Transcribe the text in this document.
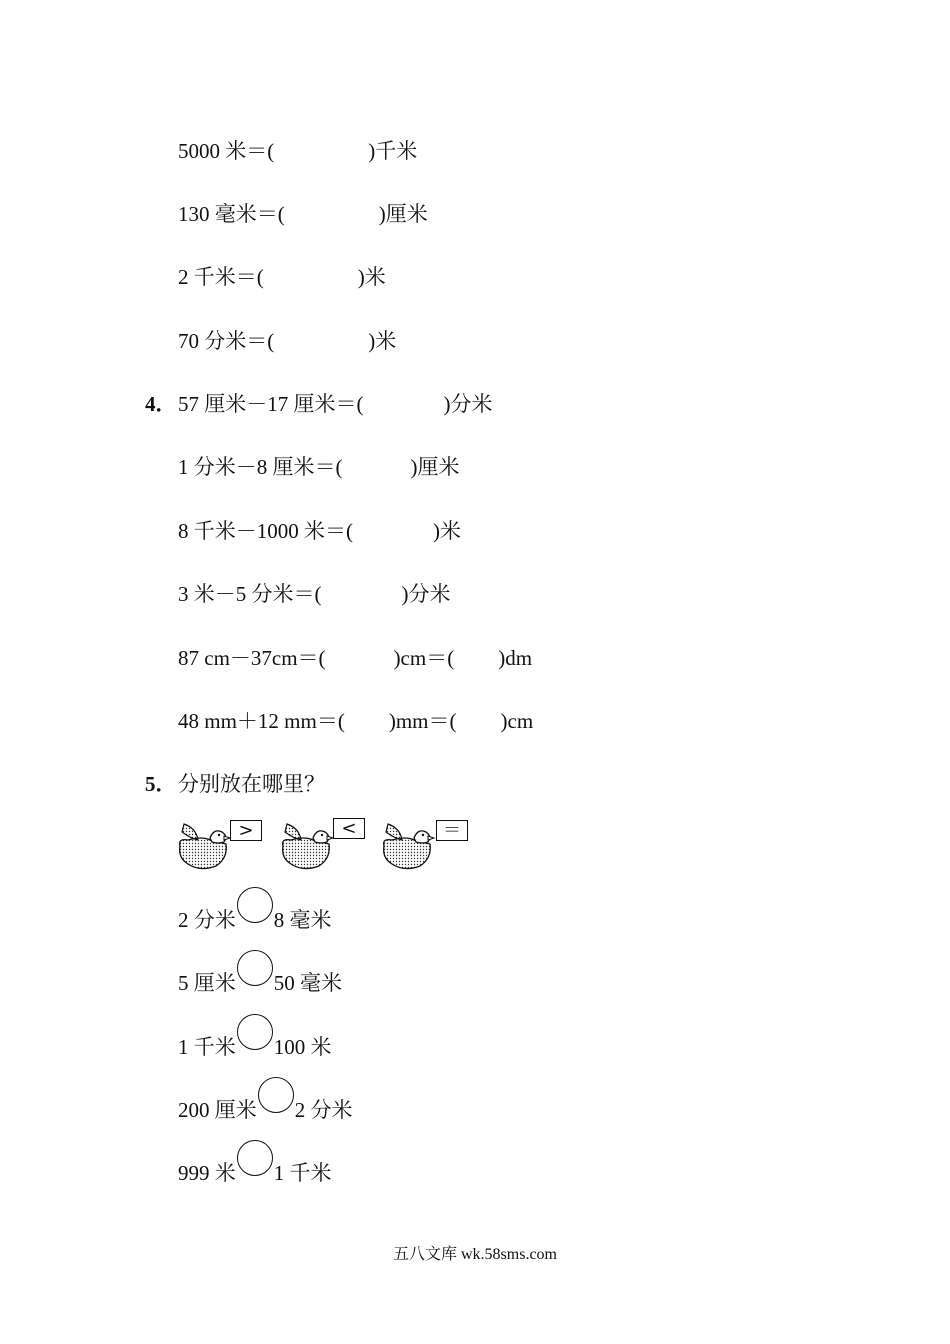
5000 米＝(	)千米
130 毫米＝(	)厘米
2 千米＝(	)米
70 分米＝(	)米
4． 57 厘米－17 厘米＝(	)分米
1 分米－8 厘米＝(	)厘米
8 千米－1000 米＝(	)米
3 米－5 分米＝(	)分米
87 cm－37cm＝(	)cm＝( )dm
48 mm＋12 mm＝( )mm＝( )cm
5． 分别放在哪里？
>	<	＝
2 分米 8 毫米
5 厘米 50 毫米
1 千米 100 米
200 厘米 2 分米
999 米 1 千米
五八文库 wk.58sms.com
